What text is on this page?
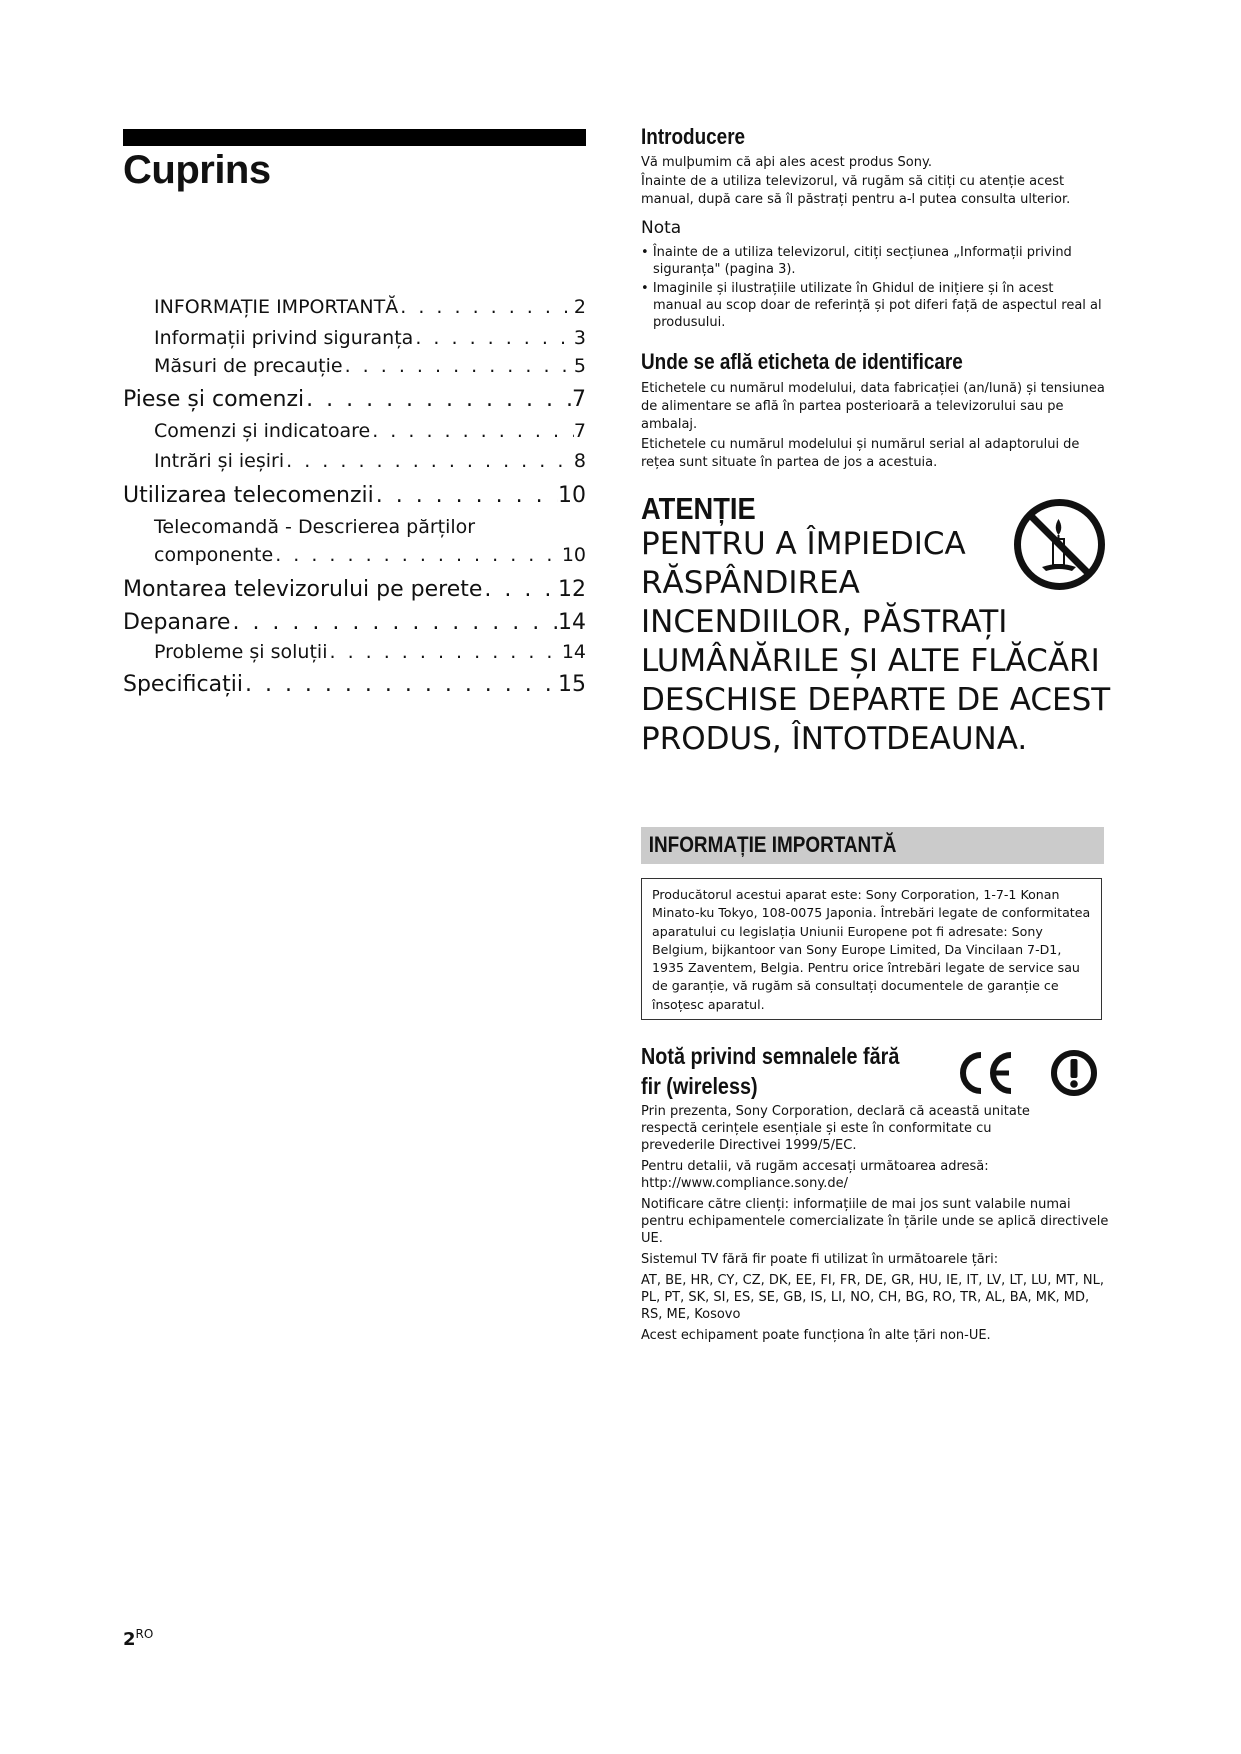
Cuprins
INFORMAȚIE IMPORTANTĂ . . .	2
Informații privind siguranța . . .	3
Măsuri de precauție . . .	5
Piese și comenzi . . .	7
Comenzi și indicatoare . . .	7
Intrări și ieșiri . . .	8
Utilizarea telecomenzii . . .	10
Telecomandă - Descrierea părților
componente . . .	10
Montarea televizorului pe perete . . .	12
Depanare . . .	14
Probleme și soluții . . .	14
Specificații . . .	15
Introducere

Vă mulþumim că aþi ales acest produs Sony.

Înainte de a utiliza televizorul, vă rugăm să citiți cu atenție acest manual, după care să îl păstrați pentru a-l putea consulta ulterior.

Nota
• Înainte de a utiliza televizorul, citiți secțiunea „Informații privind siguranța" (pagina 3).
• Imaginile și ilustrațiile utilizate în Ghidul de inițiere și în acest manual au scop doar de referință și pot diferi față de aspectul real al produsului.
Unde se află eticheta de identificare

Etichetele cu numărul modelului, data fabricației (an/lună) și tensiunea de alimentare se află în partea posterioară a televizorului sau pe ambalaj.

Etichetele cu numărul modelului și numărul serial al adaptorului de rețea sunt situate în partea de jos a acestuia.

ATENȚIE

PENTRU A ÎMPIEDICA
RĂSPÂNDIREA
INCENDIILOR, PĂSTRAȚI
LUMÂNĂRILE ȘI ALTE FLĂCĂRI
DESCHISE DEPARTE DE ACEST
PRODUS, ÎNTOTDEAUNA.

INFORMAȚIE IMPORTANTĂ

Producătorul acestui aparat este: Sony Corporation, 1-7-1 Konan Minato-ku Tokyo, 108-0075 Japonia. Întrebări legate de conformitatea aparatului cu legislația Uniunii Europene pot fi adresate: Sony Belgium, bijkantoor van Sony Europe Limited, Da Vincilaan 7-D1, 1935 Zaventem, Belgia. Pentru orice întrebări legate de service sau de garanție, vă rugăm să consultați documentele de garanție ce însoțesc aparatul.

Notă privind semnalele fără
fir (wireless)

Prin prezenta, Sony Corporation, declară că această unitate respectă cerințele esențiale și este în conformitate cu prevederile Directivei 1999/5/EC.

Pentru detalii, vă rugăm accesați următoarea adresă: http://www.compliance.sony.de/

Notificare către clienți: informațiile de mai jos sunt valabile numai pentru echipamentele comercializate în țările unde se aplică directivele UE.

Sistemul TV fără fir poate fi utilizat în următoarele țări:

AT, BE, HR, CY, CZ, DK, EE, FI, FR, DE, GR, HU, IE, IT, LV, LT, LU, MT, NL, PL, PT, SK, SI, ES, SE, GB, IS, LI, NO, CH, BG, RO, TR, AL, BA, MK, MD, RS, ME, Kosovo

Acest echipament poate funcționa în alte țări non-UE.

$2^{RO}$
